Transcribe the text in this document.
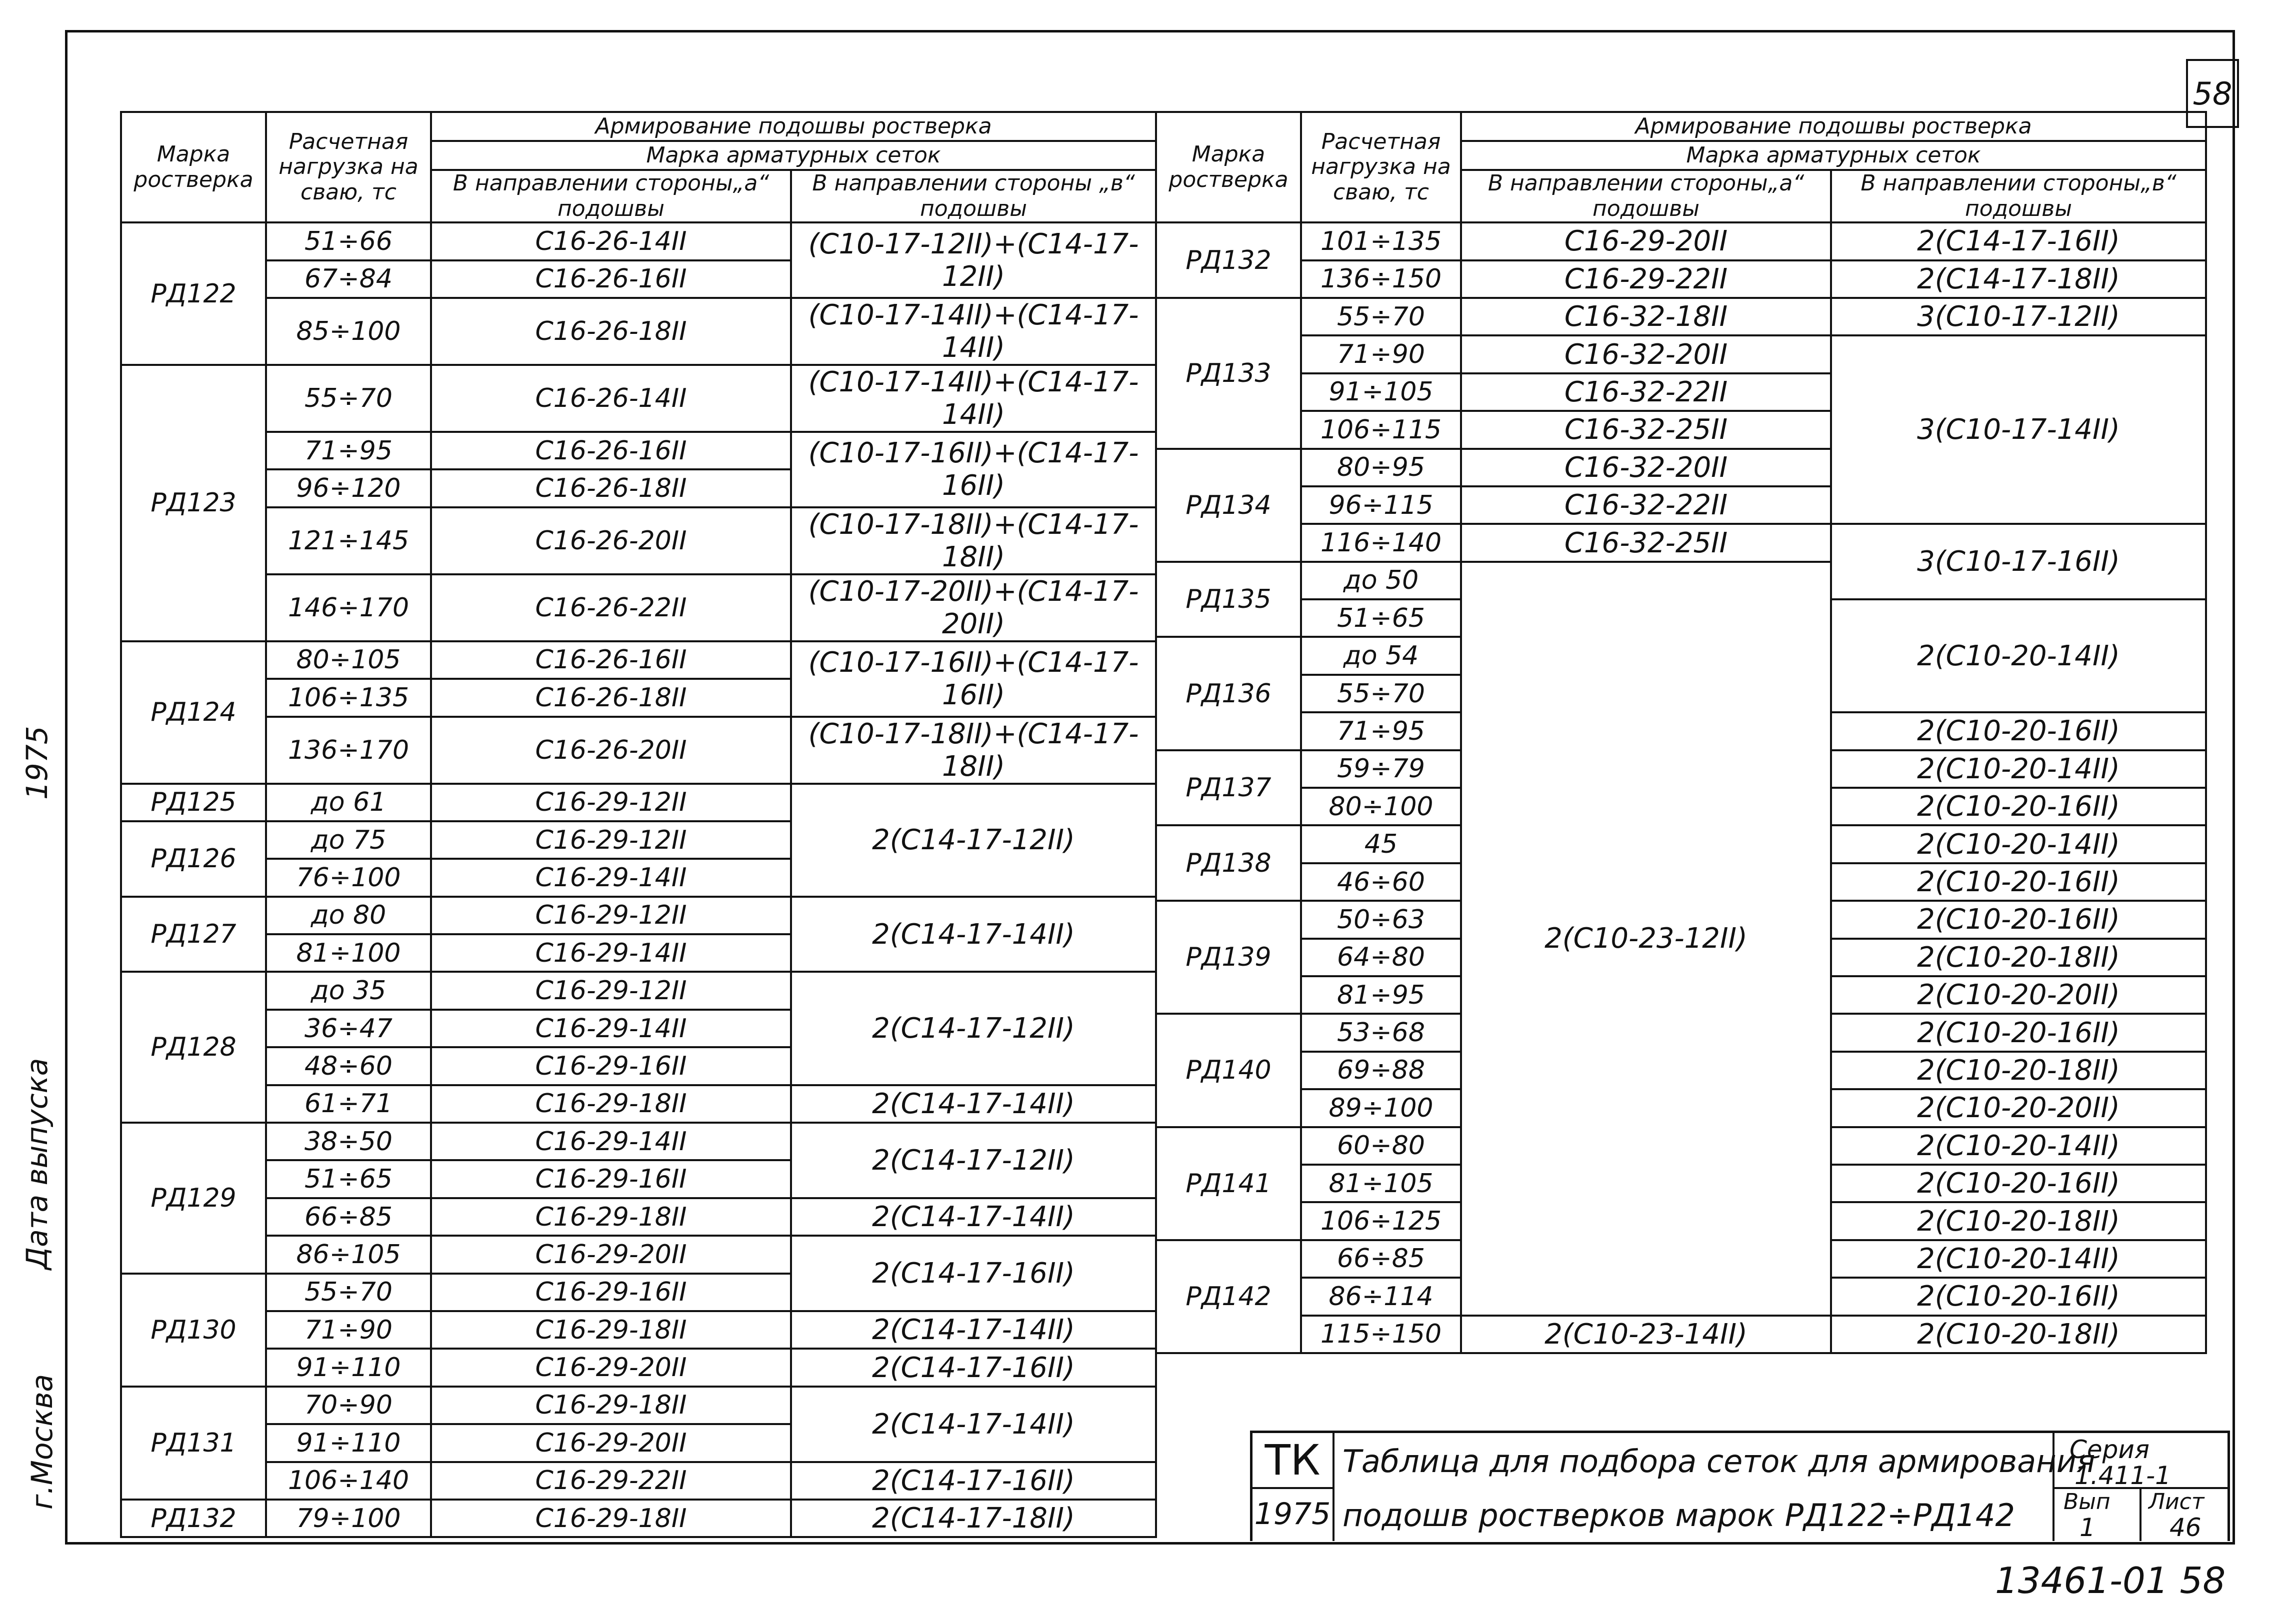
58
Дата выпуска
1975
г.Москва
Марка ростверка	Расчетная нагрузка на сваю, тс	Армирование подошвы ростверка	
		Марка арматурных сеток	
		В направлении стороны„а“ подошвы	В направлении стороны „в“ подошвы

РД122	51÷66	С16-26-14II	(С10-17-12II)+(С14-17-12II)
	67÷84	С16-26-16II	
	85÷100	С16-26-18II	(С10-17-14II)+(С14-17-14II)
РД123	55÷70	С16-26-14II	(С10-17-14II)+(С14-17-14II)
	71÷95	С16-26-16II	(С10-17-16II)+(С14-17-16II)
	96÷120	С16-26-18II	
	121÷145	С16-26-20II	(С10-17-18II)+(С14-17-18II)
	146÷170	С16-26-22II	(С10-17-20II)+(С14-17-20II)
РД124	80÷105	С16-26-16II	(С10-17-16II)+(С14-17-16II)
	106÷135	С16-26-18II	
	136÷170	С16-26-20II	(С10-17-18II)+(С14-17-18II)
РД125	до 61	С16-29-12II	2(С14-17-12II)
РД126	до 75	С16-29-12II	
	76÷100	С16-29-14II	
РД127	до 80	С16-29-12II	2(С14-17-14II)
	81÷100	С16-29-14II	
РД128	до 35	С16-29-12II	2(С14-17-12II)
	36÷47	С16-29-14II	
	48÷60	С16-29-16II	
	61÷71	С16-29-18II	2(С14-17-14II)
РД129	38÷50	С16-29-14II	2(С14-17-12II)
	51÷65	С16-29-16II	
	66÷85	С16-29-18II	2(С14-17-14II)
	86÷105	С16-29-20II	2(С14-17-16II)
РД130	55÷70	С16-29-16II	
	71÷90	С16-29-18II	2(С14-17-14II)
	91÷110	С16-29-20II	2(С14-17-16II)
РД131	70÷90	С16-29-18II	2(С14-17-14II)
	91÷110	С16-29-20II	
	106÷140	С16-29-22II	2(С14-17-16II)
РД132	79÷100	С16-29-18II	2(С14-17-18II)
Марка ростверка	Расчетная нагрузка на сваю, тс	Армирование подошвы ростверка	
		Марка арматурных сеток	
		В направлении стороны„а“ подошвы	В направлении стороны„в“ подошвы

РД132	101÷135	С16-29-20II	2(С14-17-16II)
	136÷150	С16-29-22II	2(С14-17-18II)
РД133	55÷70	С16-32-18II	3(С10-17-12II)
	71÷90	С16-32-20II	3(С10-17-14II)
	91÷105	С16-32-22II	
	106÷115	С16-32-25II	
РД134	80÷95	С16-32-20II	
	96÷115	С16-32-22II	
	116÷140	С16-32-25II	3(С10-17-16II)
РД135	до 50	2(С10-23-12II)	
	51÷65		2(С10-20-14II)
РД136	до 54		
	55÷70		
	71÷95		2(С10-20-16II)
РД137	59÷79		2(С10-20-14II)
	80÷100		2(С10-20-16II)
РД138	45		2(С10-20-14II)
	46÷60		2(С10-20-16II)
РД139	50÷63		2(С10-20-16II)
	64÷80		2(С10-20-18II)
	81÷95		2(С10-20-20II)
РД140	53÷68		2(С10-20-16II)
	69÷88		2(С10-20-18II)
	89÷100		2(С10-20-20II)
РД141	60÷80		2(С10-20-14II)
	81÷105		2(С10-20-16II)
	106÷125		2(С10-20-18II)
РД142	66÷85		2(С10-20-14II)
	86÷114		2(С10-20-16II)
	115÷150	2(С10-23-14II)	2(С10-20-18II)
ТК
1975
Таблица для подбора сеток для армирования
подошв ростверков марок РД122÷РД142
Серия
1.411-1
Вып
1
Лист
46
13461-01 58
